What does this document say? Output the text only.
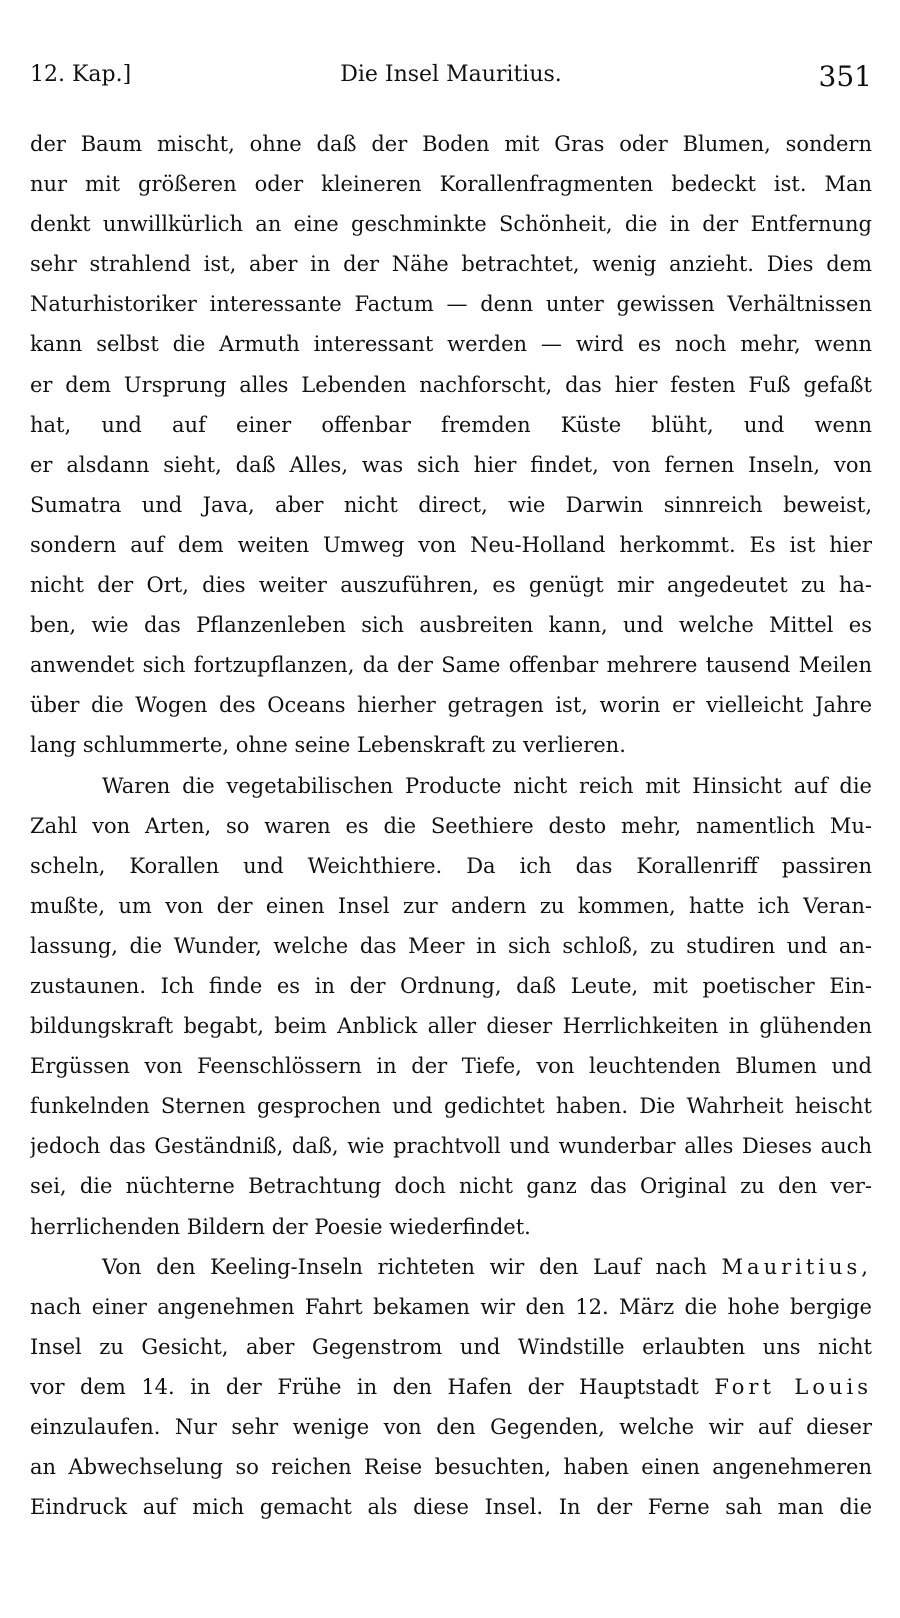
12. Kap.]	Die Insel Mauritius.	351
der Baum mischt, ohne daß der Boden mit Gras oder Blumen, sondern
nur mit größeren oder kleineren Korallenfragmenten bedeckt ist. Man
denkt unwillkürlich an eine geschminkte Schönheit, die in der Entfernung
sehr strahlend ist, aber in der Nähe betrachtet, wenig anzieht. Dies dem
Naturhistoriker interessante Factum — denn unter gewissen Verhältnissen
kann selbst die Armuth interessant werden — wird es noch mehr, wenn
er dem Ursprung alles Lebenden nachforscht, das hier festen Fuß gefaßt
hat, und auf einer offenbar fremden Küste blüht, und wenn
er alsdann sieht, daß Alles, was sich hier findet, von fernen Inseln, von
Sumatra und Java, aber nicht direct, wie Darwin sinnreich beweist,
sondern auf dem weiten Umweg von Neu-Holland herkommt. Es ist hier
nicht der Ort, dies weiter auszuführen, es genügt mir angedeutet zu ha-
ben, wie das Pflanzenleben sich ausbreiten kann, und welche Mittel es
anwendet sich fortzupflanzen, da der Same offenbar mehrere tausend Meilen
über die Wogen des Oceans hierher getragen ist, worin er vielleicht Jahre
lang schlummerte, ohne seine Lebenskraft zu verlieren.
Waren die vegetabilischen Producte nicht reich mit Hinsicht auf die
Zahl von Arten, so waren es die Seethiere desto mehr, namentlich Mu-
scheln, Korallen und Weichthiere. Da ich das Korallenriff passiren
mußte, um von der einen Insel zur andern zu kommen, hatte ich Veran-
lassung, die Wunder, welche das Meer in sich schloß, zu studiren und an-
zustaunen. Ich finde es in der Ordnung, daß Leute, mit poetischer Ein-
bildungskraft begabt, beim Anblick aller dieser Herrlichkeiten in glühenden
Ergüssen von Feenschlössern in der Tiefe, von leuchtenden Blumen und
funkelnden Sternen gesprochen und gedichtet haben. Die Wahrheit heischt
jedoch das Geständniß, daß, wie prachtvoll und wunderbar alles Dieses auch
sei, die nüchterne Betrachtung doch nicht ganz das Original zu den ver-
herrlichenden Bildern der Poesie wiederfindet.
Von den Keeling-Inseln richteten wir den Lauf nach Mauritius,
nach einer angenehmen Fahrt bekamen wir den 12. März die hohe bergige
Insel zu Gesicht, aber Gegenstrom und Windstille erlaubten uns nicht
vor dem 14. in der Frühe in den Hafen der Hauptstadt Fort Louis
einzulaufen. Nur sehr wenige von den Gegenden, welche wir auf dieser
an Abwechselung so reichen Reise besuchten, haben einen angenehmeren
Eindruck auf mich gemacht als diese Insel. In der Ferne sah man die
